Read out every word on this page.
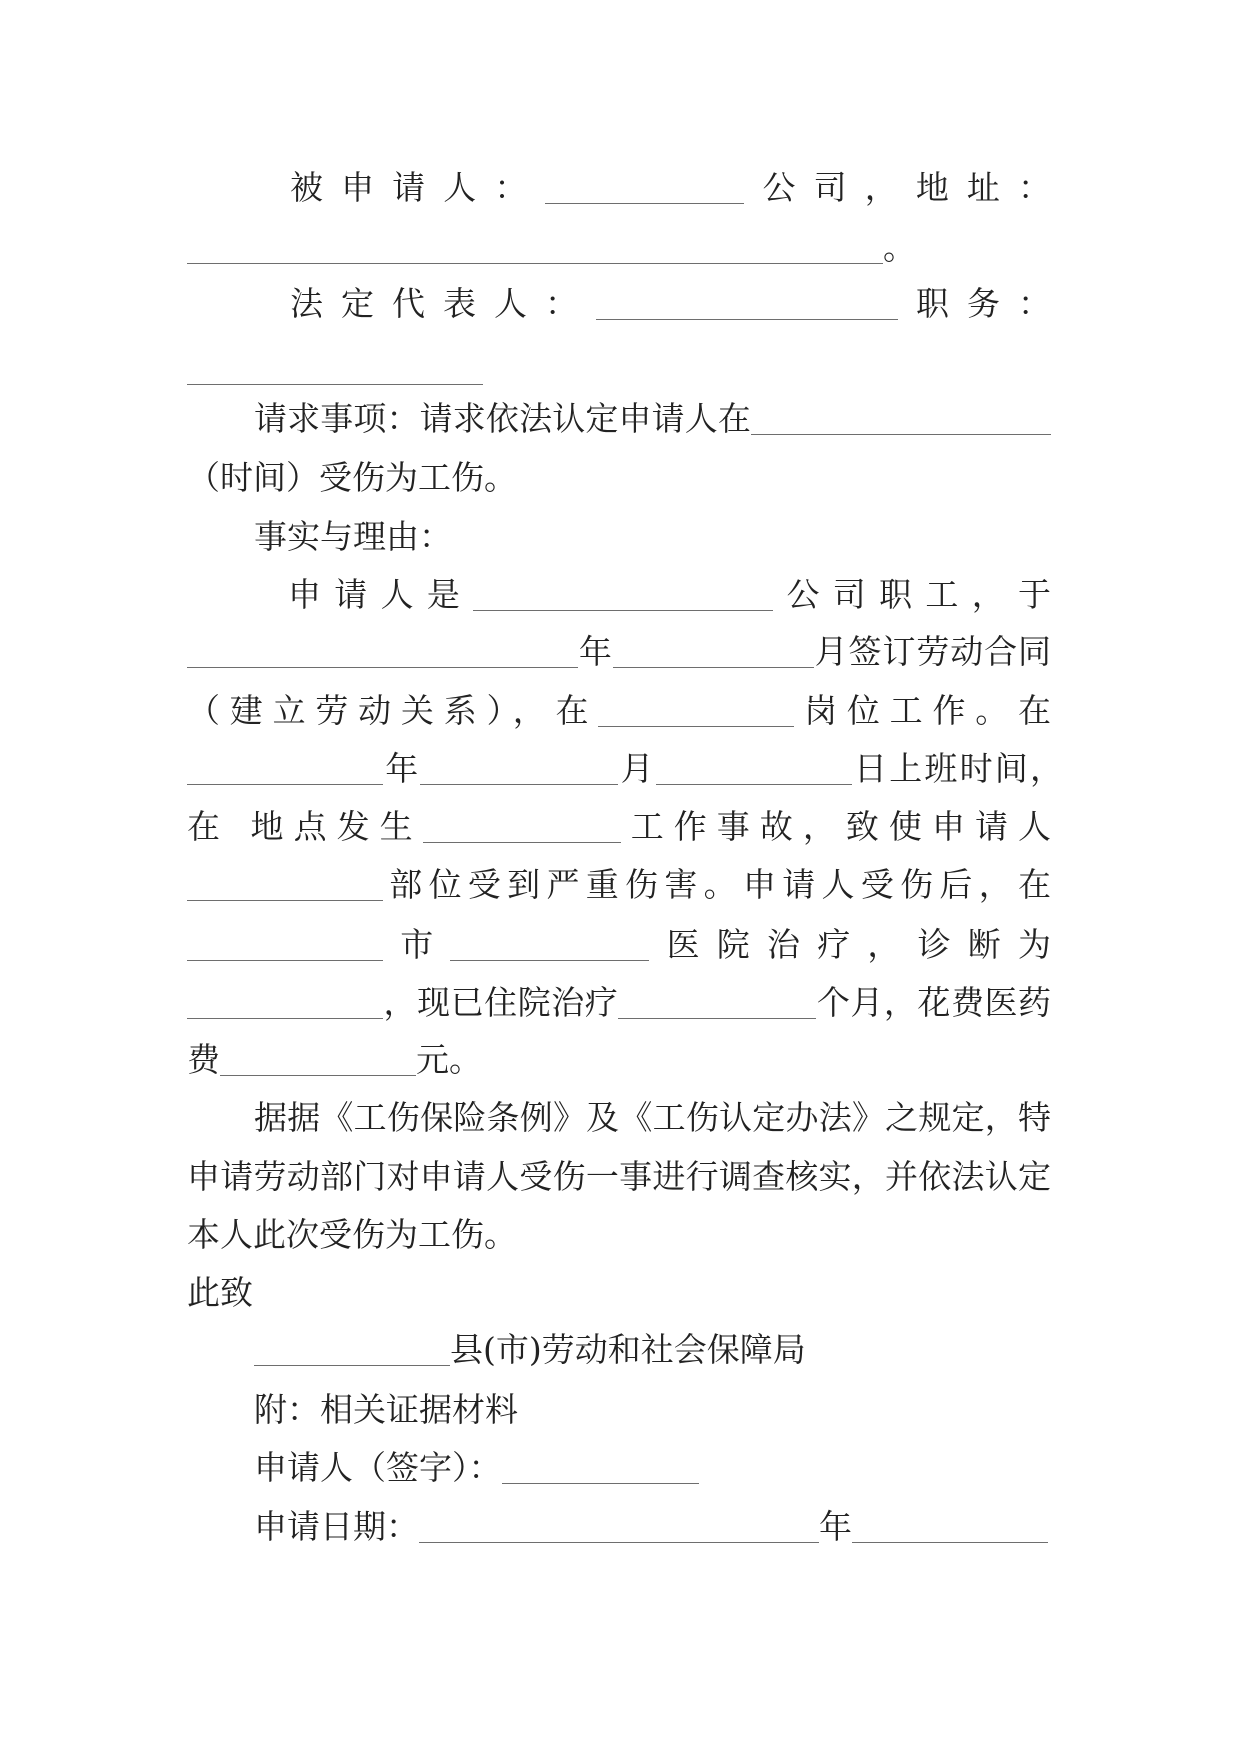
被申请人：	公司，地址：
。
法定代表人：	职务：
请求事项：请求依法认定申请人在
（时间）受伤为工伤。
事实与理由：
申请人是	公司职工，于
年	月签订劳动合同
（建立劳动关系），在	岗位工作。在
年	月	日上班时间，
在 地点发生	工作事故，致使申请人
部位受到严重伤害。申请人受伤后，在
市	医院治疗，诊断为
，现已住院治疗	个月，花费医药
费	元。
据据《工伤保险条例》及《工伤认定办法》之规定，特
申请劳动部门对申请人受伤一事进行调查核实，并依法认定
本人此次受伤为工伤。
此致
县(市)劳动和社会保障局
附：相关证据材料
申请人（签字）：
申请日期：	年
